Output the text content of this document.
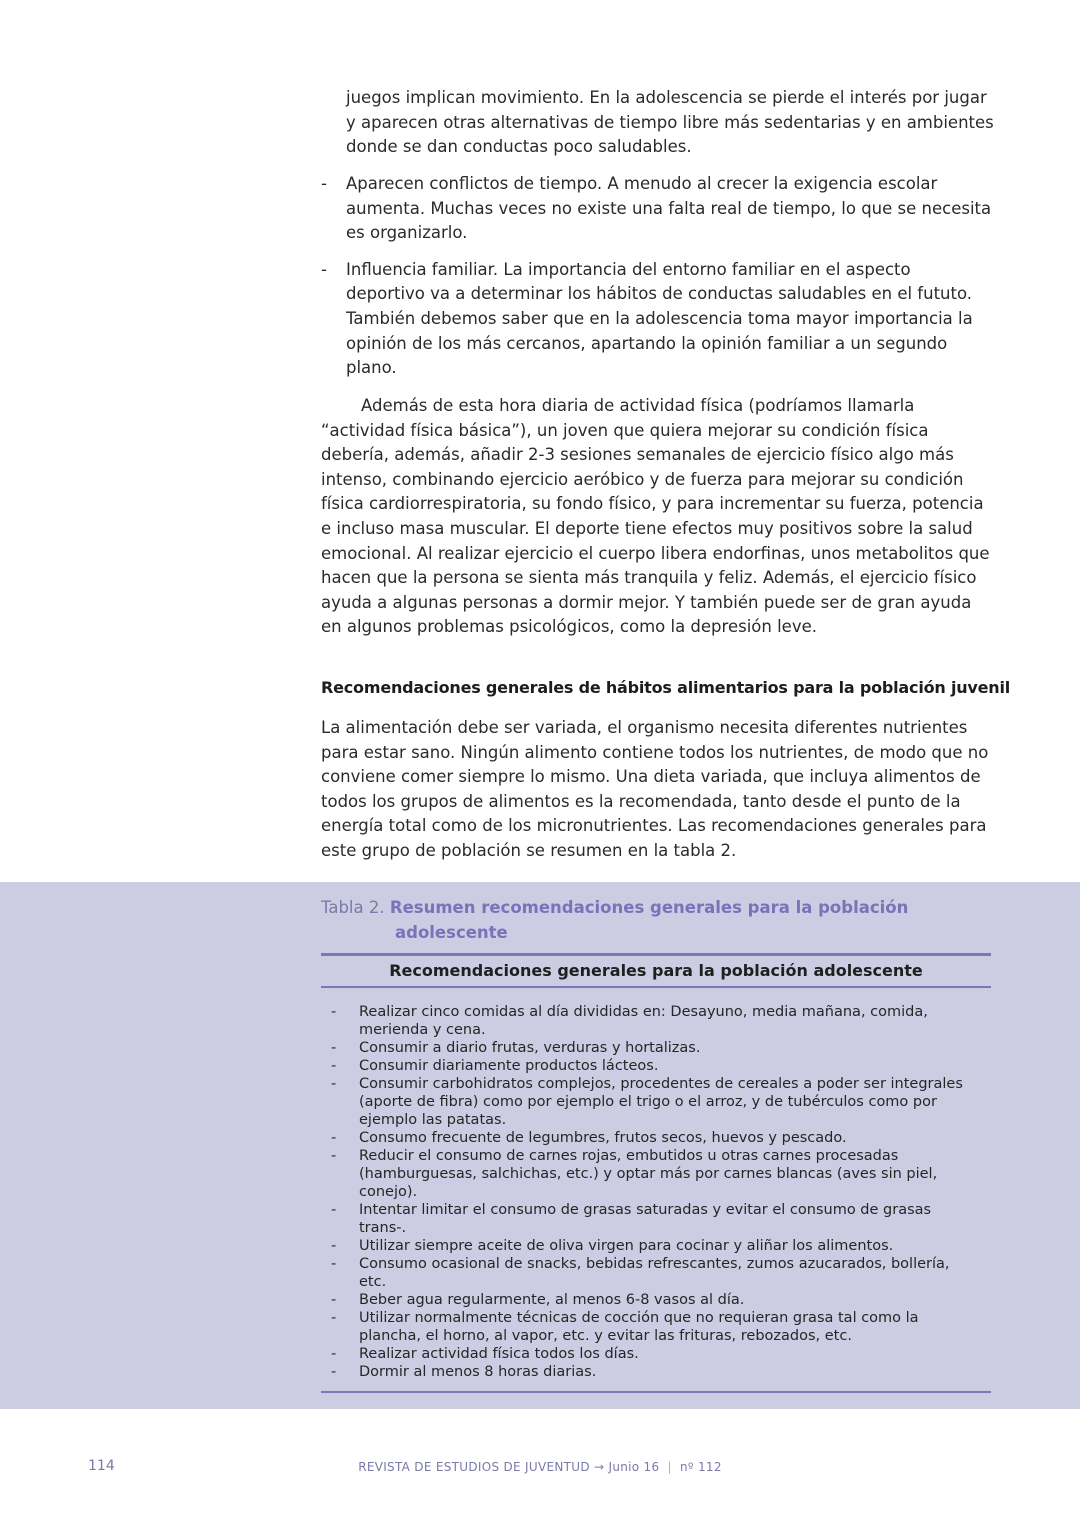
juegos implican movimiento. En la adolescencia se pierde el interés por jugar y aparecen otras alternativas de tiempo libre más sedentarias y en ambientes donde se dan conductas poco saludables.

- Aparecen conflictos de tiempo. A menudo al crecer la exigencia escolar aumenta. Muchas veces no existe una falta real de tiempo, lo que se necesita es organizarlo.
- Influencia familiar. La importancia del entorno familiar en el aspecto deportivo va a determinar los hábitos de conductas saludables en el fututo. También debemos saber que en la adolescencia toma mayor importancia la opinión de los más cercanos, apartando la opinión familiar a un segundo plano.

Además de esta hora diaria de actividad física (podríamos llamarla “actividad física básica”), un joven que quiera mejorar su condición física debería, además, añadir 2-3 sesiones semanales de ejercicio físico algo más intenso, combinando ejercicio aeróbico y de fuerza para mejorar su condición física cardiorrespiratoria, su fondo físico, y para incrementar su fuerza, potencia e incluso masa muscular. El deporte tiene efectos muy positivos sobre la salud emocional. Al realizar ejercicio el cuerpo libera endorfinas, unos metabolitos que hacen que la persona se sienta más tranquila y feliz. Además, el ejercicio físico ayuda a algunas personas a dormir mejor. Y también puede ser de gran ayuda en algunos problemas psicológicos, como la depresión leve.

Recomendaciones generales de hábitos alimentarios para la población juvenil

La alimentación debe ser variada, el organismo necesita diferentes nutrientes para estar sano. Ningún alimento contiene todos los nutrientes, de modo que no conviene comer siempre lo mismo. Una dieta variada, que incluya alimentos de todos los grupos de alimentos es la recomendada, tanto desde el punto de la energía total como de los micronutrientes. Las recomendaciones generales para este grupo de población se resumen en la tabla 2.

Tabla 2. Resumen recomendaciones generales para la población
adolescente
Recomendaciones generales para la población adolescente
- Realizar cinco comidas al día divididas en: Desayuno, media mañana, comida, merienda y cena.
- Consumir a diario frutas, verduras y hortalizas.
- Consumir diariamente productos lácteos.
- Consumir carbohidratos complejos, procedentes de cereales a poder ser integrales (aporte de fibra) como por ejemplo el trigo o el arroz, y de tubérculos como por ejemplo las patatas.
- Consumo frecuente de legumbres, frutos secos, huevos y pescado.
- Reducir el consumo de carnes rojas, embutidos u otras carnes procesadas (hamburguesas, salchichas, etc.) y optar más por carnes blancas (aves sin piel, conejo).
- Intentar limitar el consumo de grasas saturadas y evitar el consumo de grasas trans-.
- Utilizar siempre aceite de oliva virgen para cocinar y aliñar los alimentos.
- Consumo ocasional de snacks, bebidas refrescantes, zumos azucarados, bollería, etc.
- Beber agua regularmente, al menos 6-8 vasos al día.
- Utilizar normalmente técnicas de cocción que no requieran grasa tal como la plancha, el horno, al vapor, etc. y evitar las frituras, rebozados, etc.
- Realizar actividad física todos los días.
- Dormir al menos 8 horas diarias.
114	REVISTA DE ESTUDIOS DE JUVENTUD → Junio 16 | nº 112
